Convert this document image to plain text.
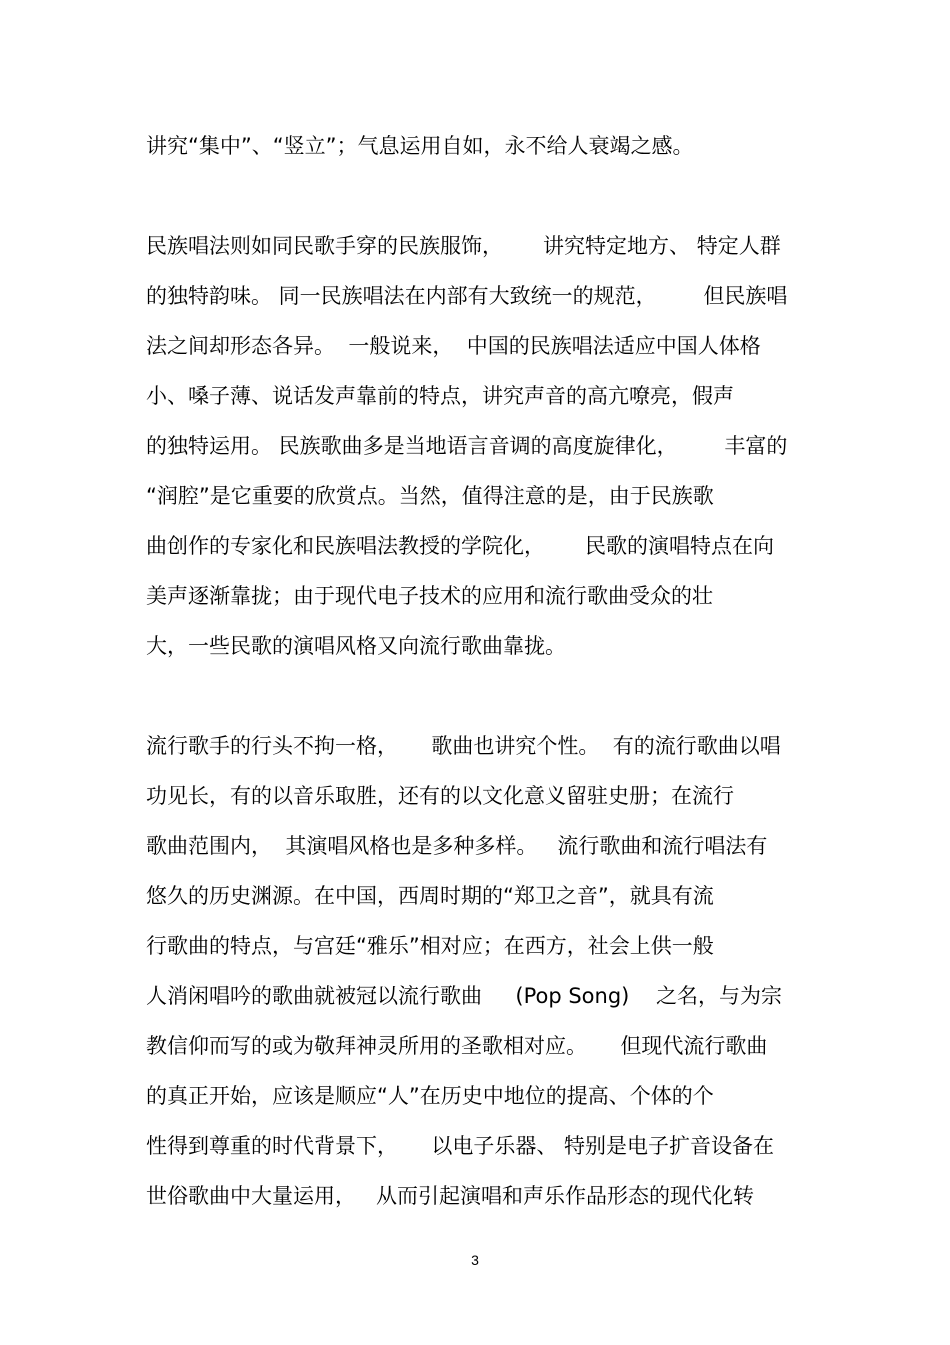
讲究“集中”、“竖立”；气息运用自如，永不给人衰竭之感。
民族唱法则如同民歌手穿的民族服饰，      讲究特定地方、 特定人群
的独特韵味。 同一民族唱法在内部有大致统一的规范，       但民族唱
法之间却形态各异。  一般说来，  中国的民族唱法适应中国人体格
小、嗓子薄、说话发声靠前的特点，讲究声音的高亢嘹亮，假声
的独特运用。 民族歌曲多是当地语言音调的高度旋律化，       丰富的
“润腔”是它重要的欣赏点。当然，值得注意的是，由于民族歌
曲创作的专家化和民族唱法教授的学院化，      民歌的演唱特点在向
美声逐渐靠拢；由于现代电子技术的应用和流行歌曲受众的壮
大，一些民歌的演唱风格又向流行歌曲靠拢。
流行歌手的行头不拘一格，     歌曲也讲究个性。  有的流行歌曲以唱
功见长，有的以音乐取胜，还有的以文化意义留驻史册；在流行
歌曲范围内，  其演唱风格也是多种多样。   流行歌曲和流行唱法有
悠久的历史渊源。在中国，西周时期的“郑卫之音”，就具有流
行歌曲的特点，与宫廷“雅乐”相对应；在西方，社会上供一般
人消闲唱吟的歌曲就被冠以流行歌曲     (Pop Song)    之名，与为宗
教信仰而写的或为敬拜神灵所用的圣歌相对应。     但现代流行歌曲
的真正开始，应该是顺应“人”在历史中地位的提高、个体的个
性得到尊重的时代背景下，     以电子乐器、 特别是电子扩音设备在
世俗歌曲中大量运用，   从而引起演唱和声乐作品形态的现代化转
3
